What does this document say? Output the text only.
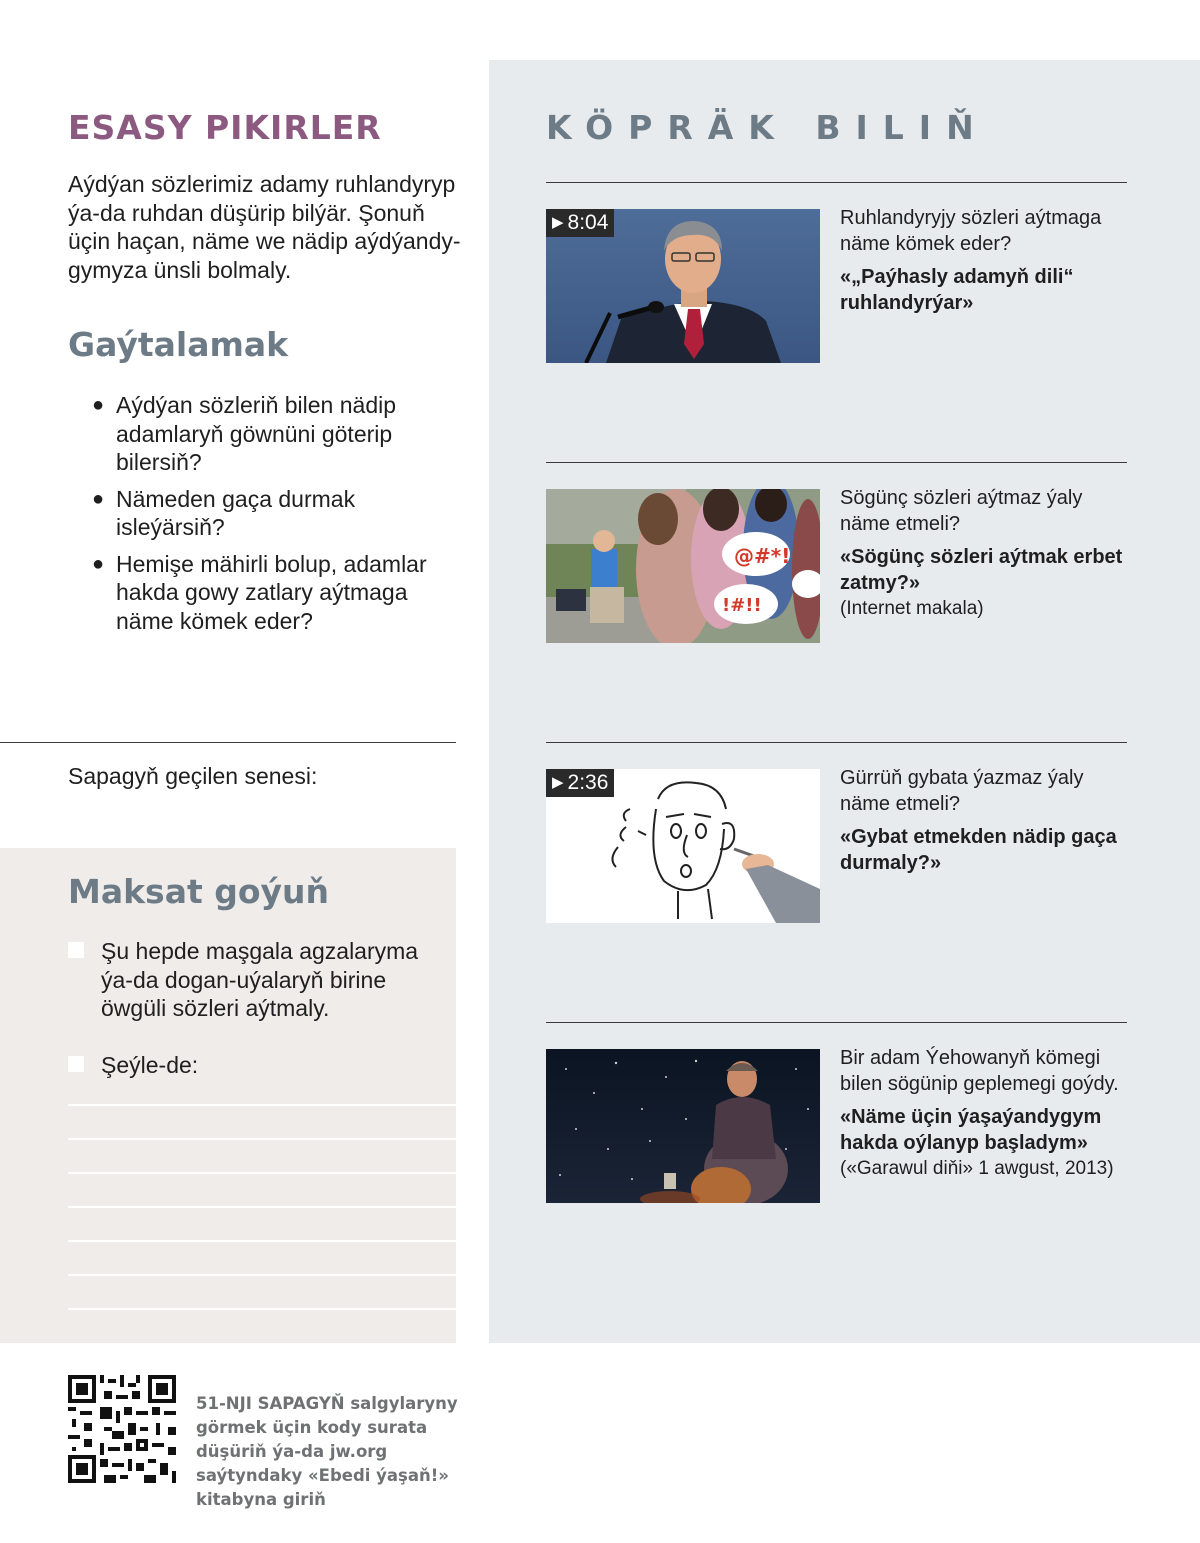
ESASY PIKIRLER

Aýdýan sözlerimiz adamy ruhlandyryp ýa-da ruhdan düşürip bilýär. Şonuň üçin haçan, näme we nädip aýdýandy-gymyza ünsli bolmaly.

Gaýtalamak
● Aýdýan sözleriň bilen nädip adamlaryň göwnüni göterip bilersiň?
● Nämeden gaça durmak isleýärsiň?
● Hemişe mähirli bolup, adamlar hakda gowy zatlary aýtmaga näme kömek eder?
Sapagyň geçilen senesi:
Maksat goýuň
Şu hepde maşgala agzalaryma ýa-da dogan-uýalaryň birine öwgüli sözleri aýtmaly.
Şeýle-de:
KÖPRÄK BILIŇ
▶ 8:04	Ruhlandyryjy sözleri aýtmaga näme kömek eder?
«„Paýhasly adamyň dili“ ruhlandyrýar»
@#*!
!#!!
Sögünç sözleri aýtmaz ýaly näme etmeli?
«Sögünç sözleri aýtmak erbet zatmy?»
(Internet makala)
▶ 2:36	Gürrüň gybata ýazmaz ýaly näme etmeli?
«Gybat etmekden nädip gaça durmaly?»
Bir adam Ýehowanyň kömegi bilen sögünip geplemegi goýdy.
«Näme üçin ýaşaýandygym hakda oýlanyp başladym»
(«Garawul diňi» 1 awgust, 2013)
51-NJI SAPAGYŇ salgylaryny görmek üçin kody surata düşüriň ýa-da jw.org saýtyndaky «Ebedi ýaşaň!» kitabyna giriň
